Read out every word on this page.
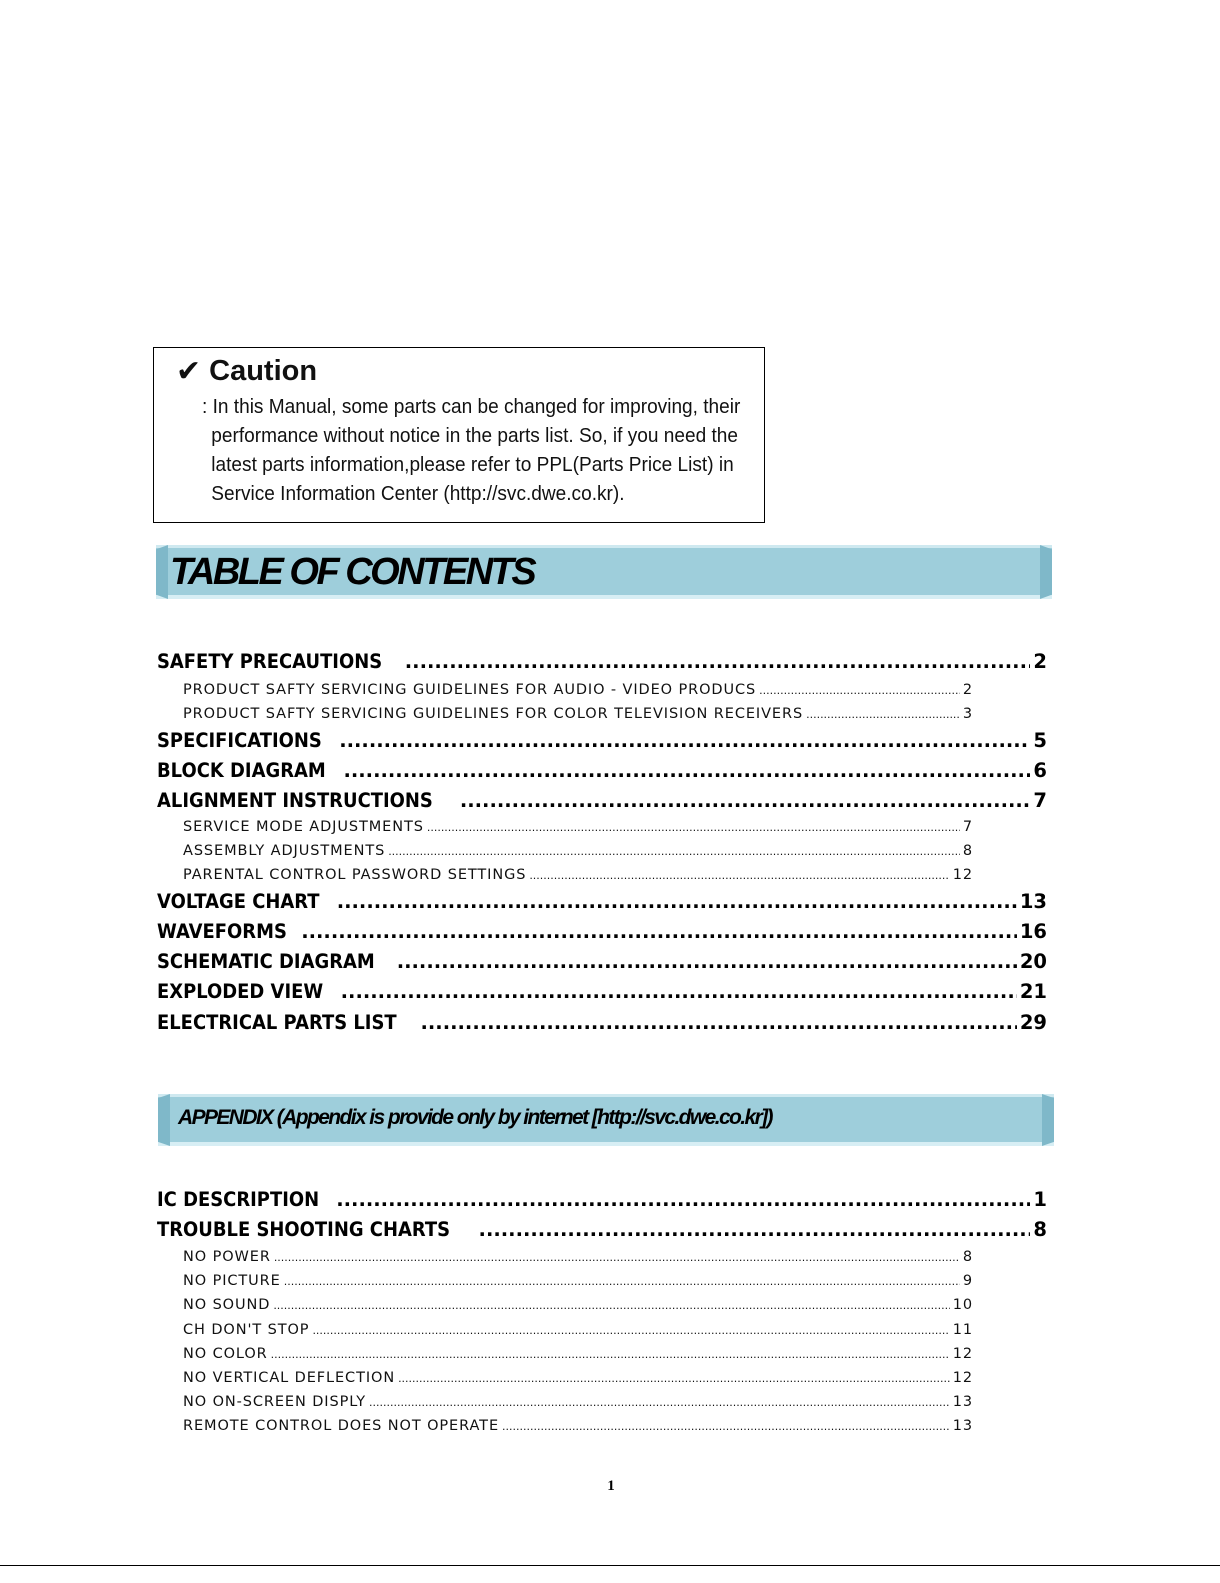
✔ Caution
: In this Manual, some parts can be changed for improving, their
performance without notice in the parts list. So, if you need the
latest parts information,please refer to PPL(Parts Price List) in
Service Information Center (http://svc.dwe.co.kr).
TABLE OF CONTENTS
SAFETY PRECAUTIONS .....	2
PRODUCT SAFTY SERVICING GUIDELINES FOR AUDIO - VIDEO PRODUCS .....	2
PRODUCT SAFTY SERVICING GUIDELINES FOR COLOR TELEVISION RECEIVERS .....	3
SPECIFICATIONS .....	5
BLOCK DIAGRAM .....	6
ALIGNMENT INSTRUCTIONS .....	7
SERVICE MODE ADJUSTMENTS .....	7
ASSEMBLY ADJUSTMENTS .....	8
PARENTAL CONTROL PASSWORD SETTINGS .....	12
VOLTAGE CHART .....	13
WAVEFORMS .....	16
SCHEMATIC DIAGRAM .....	20
EXPLODED VIEW .....	21
ELECTRICAL PARTS LIST .....	29
APPENDIX (Appendix is provide only by internet [http://svc.dwe.co.kr])
IC DESCRIPTION .....	1
TROUBLE SHOOTING CHARTS .....	8
NO POWER .....	8
NO PICTURE .....	9
NO SOUND .....	10
CH DON'T STOP .....	11
NO COLOR .....	12
NO VERTICAL DEFLECTION .....	12
NO ON-SCREEN DISPLY .....	13
REMOTE CONTROL DOES NOT OPERATE .....	13
1
